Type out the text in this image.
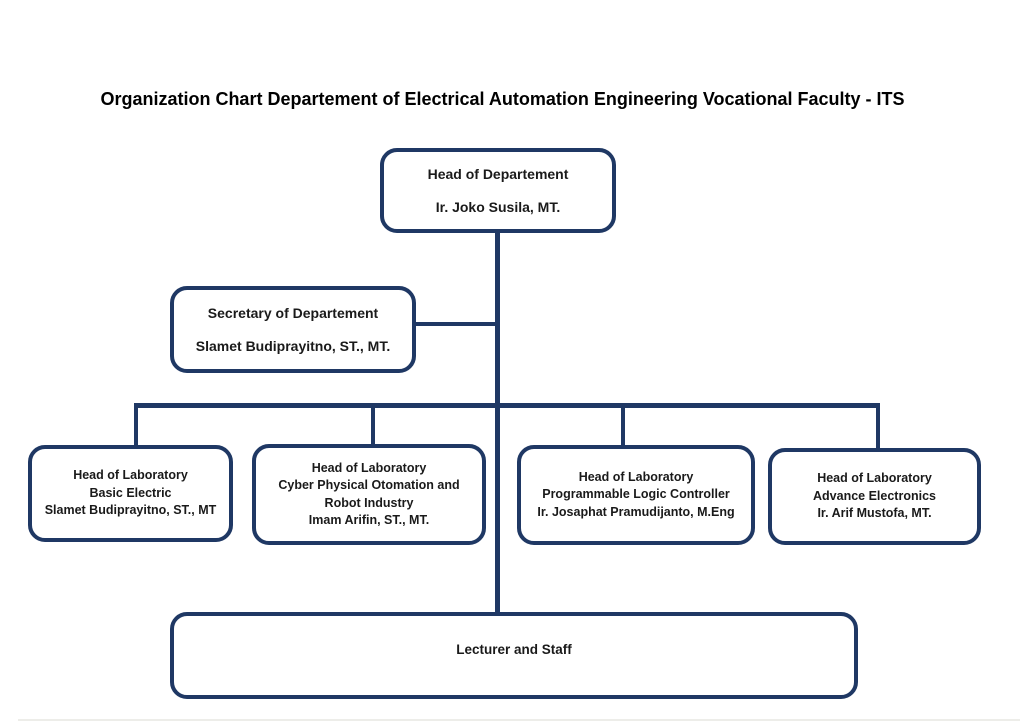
Organization Chart Departement of Electrical Automation Engineering Vocational Faculty - ITS
Head of Departement
Ir. Joko Susila, MT.
Secretary of Departement
Slamet Budiprayitno, ST., MT.
Head of Laboratory
Basic Electric
Slamet Budiprayitno, ST., MT
Head of Laboratory
Cyber Physical Otomation and
Robot Industry
Imam Arifin, ST., MT.
Head of Laboratory
Programmable Logic Controller
Ir. Josaphat Pramudijanto, M.Eng
Head of Laboratory
Advance Electronics
Ir. Arif Mustofa, MT.
Lecturer and Staff
